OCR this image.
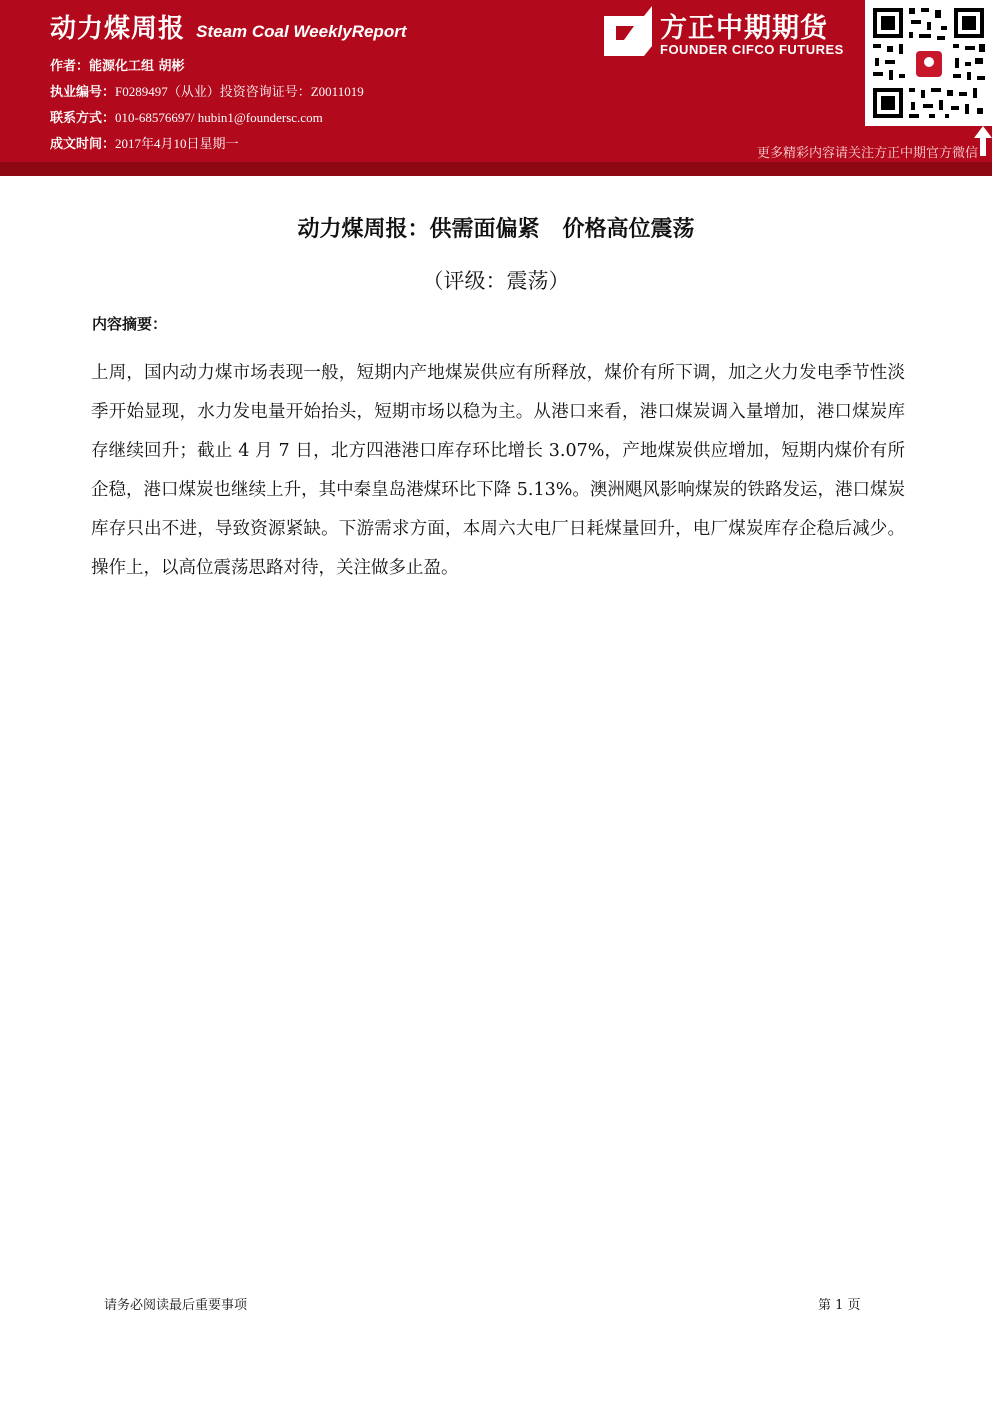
动力煤周报 Steam Coal WeeklyReport
作者：能源化工组 胡彬
执业编号：F0289497（从业）投资咨询证号：Z0011019
联系方式：010-68576697/ hubin1@foundersc.com
成文时间：2017年4月10日星期一
方正中期期货
FOUNDER CIFCO FUTURES
更多精彩内容请关注方正中期官方微信
动力煤周报：供需面偏紧   价格高位震荡
（评级：震荡）
内容摘要：
上周，国内动力煤市场表现一般，短期内产地煤炭供应有所释放，煤价有所下调，加之火力发电季节性淡季开始显现，水力发电量开始抬头，短期市场以稳为主。从港口来看，港口煤炭调入量增加，港口煤炭库存继续回升；截止 4 月 7 日，北方四港港口库存环比增长 3.07%，产地煤炭供应增加，短期内煤价有所企稳，港口煤炭也继续上升，其中秦皇岛港煤环比下降 5.13%。澳洲飓风影响煤炭的铁路发运，港口煤炭库存只出不进，导致资源紧缺。下游需求方面，本周六大电厂日耗煤量回升，电厂煤炭库存企稳后减少。操作上，以高位震荡思路对待，关注做多止盈。
请务必阅读最后重要事项	第 1 页
